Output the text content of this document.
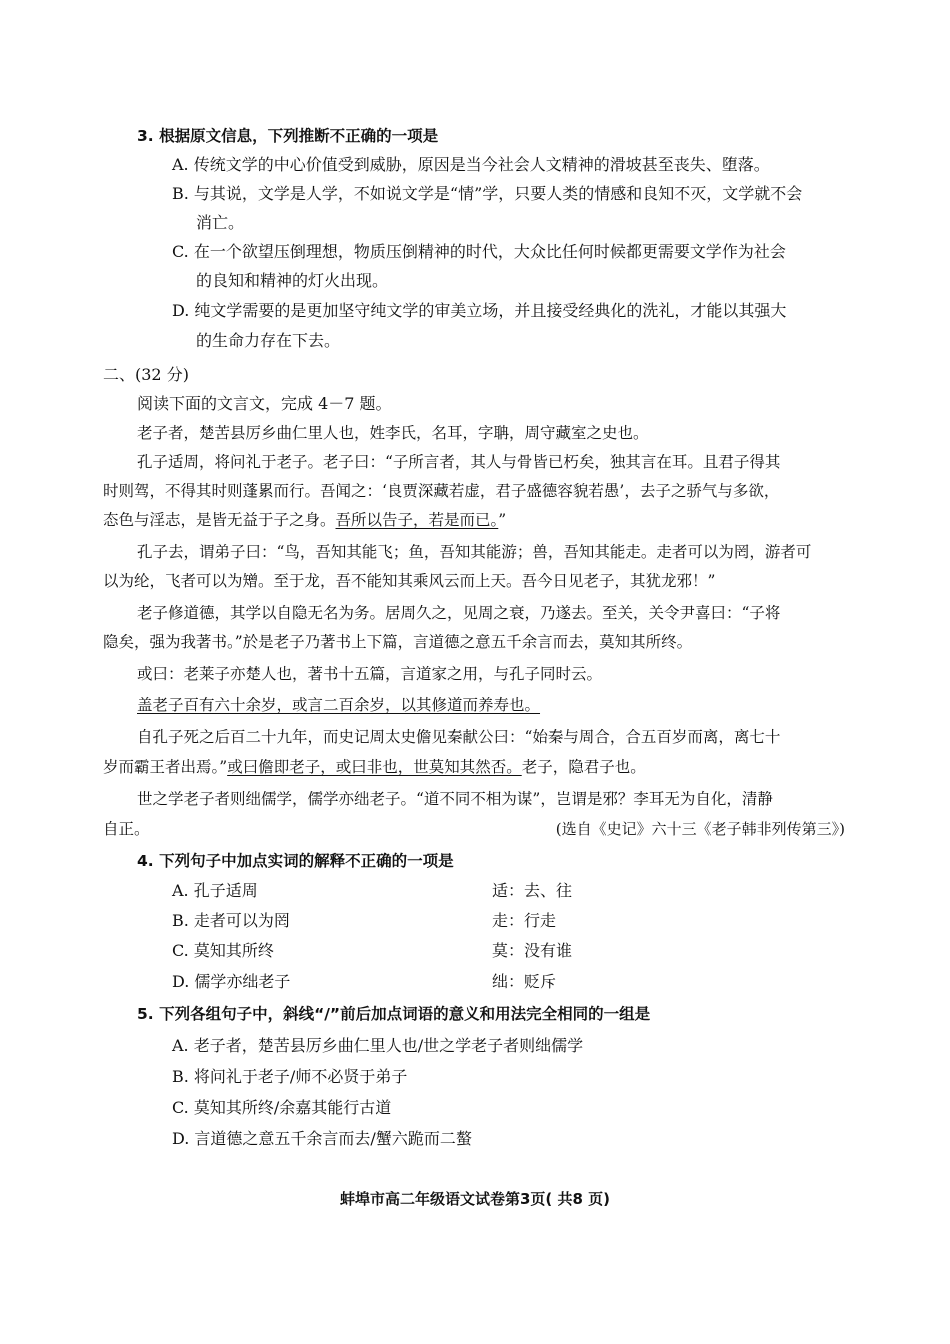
3. 根据原文信息，下列推断不正确的一项是
A. 传统文学的中心价值受到威胁，原因是当今社会人文精神的滑坡甚至丧失、堕落。
B. 与其说，文学是人学，不如说文学是“情”学，只要人类的情感和良知不灭，文学就不会
消亡。
C. 在一个欲望压倒理想，物质压倒精神的时代，大众比任何时候都更需要文学作为社会
的良知和精神的灯火出现。
D. 纯文学需要的是更加坚守纯文学的审美立场，并且接受经典化的洗礼，才能以其强大
的生命力存在下去。
二、(32 分)
阅读下面的文言文，完成 4－7 题。
老子者，楚苦县厉乡曲仁里人也，姓李氏，名耳，字聃，周守藏室之史也。
孔子适周，将问礼于老子。老子曰：“子所言者，其人与骨皆已朽矣，独其言在耳。且君子得其
时则驾，不得其时则蓬累而行。吾闻之：‘良贾深藏若虚，君子盛德容貌若愚’，去子之骄气与多欲，
态色与淫志，是皆无益于子之身。吾所以告子，若是而已。”
孔子去，谓弟子曰：“鸟，吾知其能飞；鱼，吾知其能游；兽，吾知其能走。走者可以为罔，游者可
以为纶，飞者可以为矰。至于龙，吾不能知其乘风云而上天。吾今日见老子，其犹龙邪！”
老子修道德，其学以自隐无名为务。居周久之，见周之衰，乃遂去。至关，关令尹喜曰：“子将
隐矣，强为我著书。”於是老子乃著书上下篇，言道德之意五千余言而去，莫知其所终。
或曰：老莱子亦楚人也，著书十五篇，言道家之用，与孔子同时云。
盖老子百有六十余岁，或言二百余岁，以其修道而养寿也。
自孔子死之后百二十九年，而史记周太史儋见秦献公曰：“始秦与周合，合五百岁而离，离七十
岁而霸王者出焉。”或曰儋即老子，或曰非也，世莫知其然否。老子，隐君子也。
世之学老子者则绌儒学，儒学亦绌老子。“道不同不相为谋”，岂谓是邪？李耳无为自化，清静
自正。	(选自《史记》六十三《老子韩非列传第三》)
4. 下列句子中加点实词的解释不正确的一项是
A. 孔子适周	适：去、往
B. 走者可以为罔	走：行走
C. 莫知其所终	莫：没有谁
D. 儒学亦绌老子	绌：贬斥
5. 下列各组句子中，斜线“/”前后加点词语的意义和用法完全相同的一组是
A. 老子者，楚苦县厉乡曲仁里人也/世之学老子者则绌儒学
B. 将问礼于老子/师不必贤于弟子
C. 莫知其所终/余嘉其能行古道
D. 言道德之意五千余言而去/蟹六跪而二螯
蚌埠市高二年级语文试卷第3页( 共8 页)
